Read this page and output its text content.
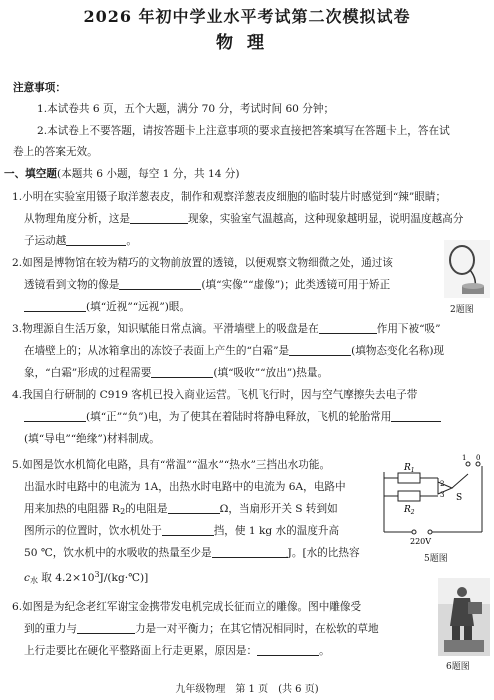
2026 年初中学业水平考试第二次模拟试卷
物理
注意事项：
1.本试卷共 6 页，五个大题，满分 70 分，考试时间 60 分钟；
2.本试卷上不要答题，请按答题卡上注意事项的要求直接把答案填写在答题卡上，答在试
卷上的答案无效。
一、填空题(本题共 6 小题，每空 1 分，共 14 分)
1.小明在实验室用镊子取洋葱表皮，制作和观察洋葱表皮细胞的临时装片时感觉到“辣”眼睛；
从物理角度分析，这是	现象，实验室气温越高，这种现象越明显，说明温度越高分
子运动越	。
2.如图是博物馆在较为精巧的文物前放置的透镜，以便观察文物细微之处，通过该
透镜看到文物的像是	(填“实像”“虚像”)；此类透镜可用于矫正
(填“近视”“远视”)眼。	2题图
3.物理源自生活万象，知识赋能日常点滴。平滑墙壁上的吸盘是在	作用下被“吸”
在墙壁上的；从冰箱拿出的冻饺子表面上产生的“白霜”是	(填物态变化名称)现
象，“白霜”形成的过程需要	(填“吸收”“放出”)热量。
4.我国自行研制的 C919 客机已投入商业运营。飞机飞行时，因与空气摩擦失去电子带
(填“正”“负”)电，为了使其在着陆时将静电释放，飞机的轮胎常用
(填“导电”“绝缘”)材料制成。
5.如图是饮水机简化电路，具有“常温”“温水”“热水”三挡出水功能。
出温水时电路中的电流为 1A，出热水时电路中的电流为 6A，电路中
用来加热的电阻器 $R_2$的电阻是	Ω，当扇形开关 S 转到如
图所示的位置时，饮水机处于	挡，使 1 kg 水的温度升高
50 ℃，饮水机中的水吸收的热量至少是	J。[水的比热容
$c_水$ 取 $4.2\times 10^3J/(kg\cdot℃)$]
$R_1$
$R_2$
S
1 0
2
3
220V
5题图
6.如图是为纪念老红军谢宝金携带发电机完成长征而立的雕像。图中雕像受
到的重力与	力是一对平衡力；在其它情况相同时，在松软的草地
上行走要比在硬化平整路面上行走更累，原因是：	。
6题图
九年级物理　第 1 页　(共 6 页)
